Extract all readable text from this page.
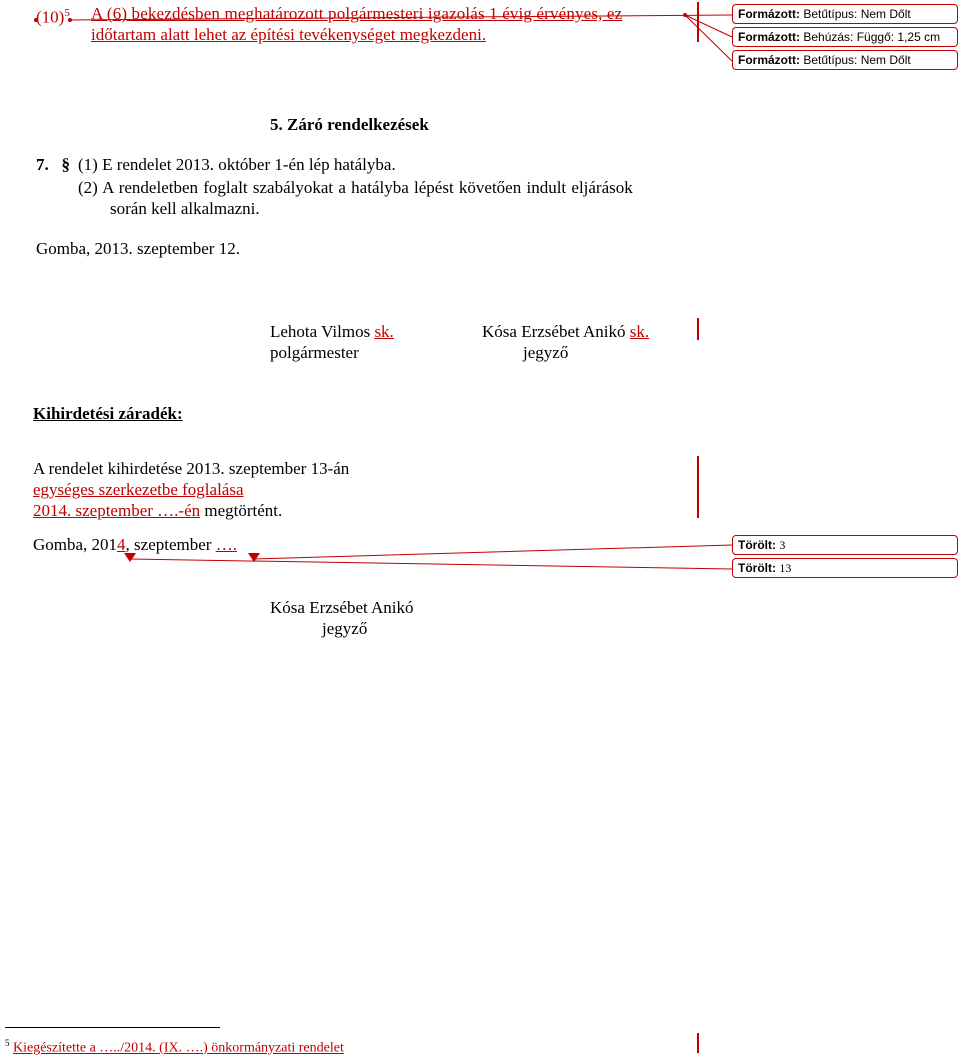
$(10)^5$ A (6) bekezdésben meghatározott polgármesteri igazolás 1 évig érvényes, ez
időtartam alatt lehet az építési tevékenységet megkezdeni.
5. Záró rendelkezések
7. § (1) E rendelet 2013. október 1-én lép hatályba.
(2) A rendeletben foglalt szabályokat a hatályba lépést követően indult eljárások
során kell alkalmazni.
Gomba, 2013. szeptember 12.
Lehota Vilmos sk.
polgármester
Kósa Erzsébet Anikó sk.
jegyző
Kihirdetési záradék:
A rendelet kihirdetése 2013. szeptember 13-án
egységes szerkezetbe foglalása
2014. szeptember ….-én megtörtént.
Gomba, 2014, szeptember ….
Kósa Erzsébet Anikó
jegyző
$^5$ Kiegészítette a …../2014. (IX. ….) önkormányzati rendelet
Formázott: Betűtípus: Nem Dőlt
Formázott: Behúzás: Függő: 1,25 cm
Formázott: Betűtípus: Nem Dőlt
Törölt: 3
Törölt: 13
